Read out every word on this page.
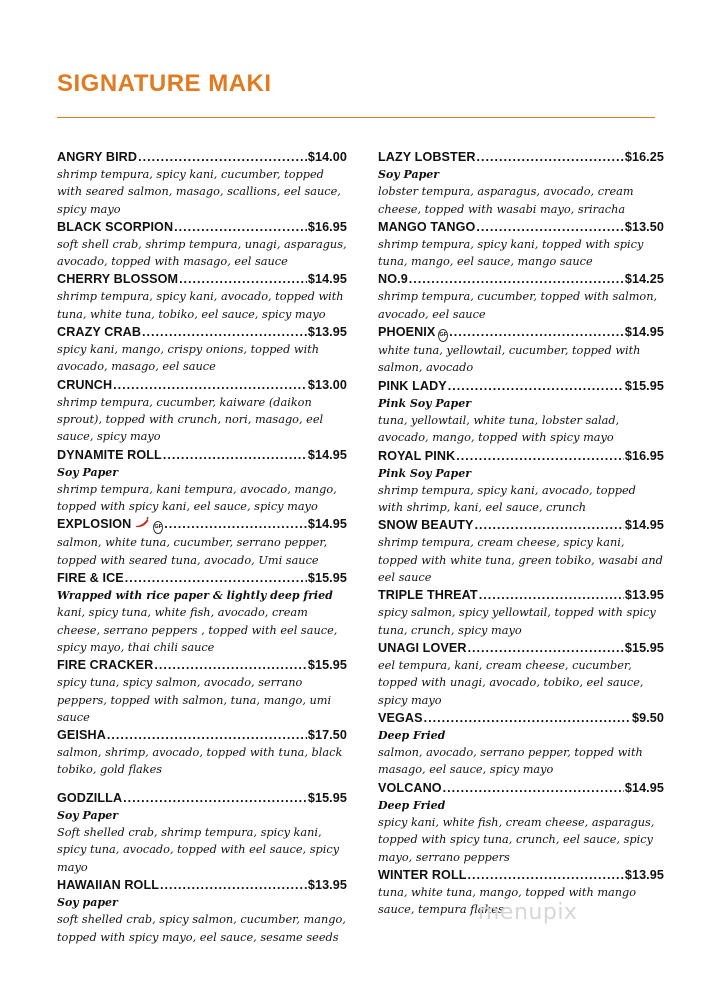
SIGNATURE MAKI
ANGRY BIRD .....	$14.00

shrimp tempura, spicy kani, cucumber, topped with seared salmon, masago, scallions, eel sauce, spicy mayo

BLACK SCORPION .....	$16.95

soft shell crab, shrimp tempura, unagi, asparagus, avocado, topped with masago, eel sauce

CHERRY BLOSSOM .....	$14.95

shrimp tempura, spicy kani, avocado, topped with tuna, white tuna, tobiko, eel sauce, spicy mayo

CRAZY CRAB .....	$13.95

spicy kani, mango, crispy onions, topped with avocado, masago, eel sauce

CRUNCH .....	$13.00

shrimp tempura, cucumber, kaiware (daikon sprout), topped with crunch, nori, masago, eel sauce, spicy mayo

DYNAMITE ROLL .....	$14.95

Soy Paper

shrimp tempura, kani tempura, avocado, mango, topped with spicy kani, eel sauce, spicy mayo

EXPLOSION	GF .....	$14.95

salmon, white tuna, cucumber, serrano pepper, topped with seared tuna, avocado, Umi sauce

FIRE & ICE .....	$15.95

Wrapped with rice paper & lightly deep fried

kani, spicy tuna, white fish, avocado, cream cheese, serrano peppers , topped with eel sauce, spicy mayo, thai chili sauce

FIRE CRACKER .....	$15.95

spicy tuna, spicy salmon, avocado, serrano peppers, topped with salmon, tuna, mango, umi sauce

GEISHA .....	$17.50

salmon, shrimp, avocado, topped with tuna, black tobiko, gold flakes

GODZILLA .....	$15.95

Soy Paper

Soft shelled crab, shrimp tempura, spicy kani, spicy tuna, avocado, topped with eel sauce, spicy mayo

HAWAIIAN ROLL .....	$13.95

Soy paper

soft shelled crab, spicy salmon, cucumber, mango, topped with spicy mayo, eel sauce, sesame seeds

LAZY LOBSTER .....	$16.25

Soy Paper

lobster tempura, asparagus, avocado, cream cheese, topped with wasabi mayo, sriracha

MANGO TANGO .....	$13.50

shrimp tempura, spicy kani, topped with spicy tuna, mango, eel sauce, mango sauce

NO.9 .....	$14.25

shrimp tempura, cucumber, topped with salmon, avocado, eel sauce

PHOENIX GF .....	$14.95

white tuna, yellowtail, cucumber, topped with salmon, avocado

PINK LADY .....	$15.95

Pink Soy Paper

tuna, yellowtail, white tuna, lobster salad, avocado, mango, topped with spicy mayo

ROYAL PINK .....	$16.95

Pink Soy Paper

shrimp tempura, spicy kani, avocado, topped with shrimp, kani, eel sauce, crunch

SNOW BEAUTY .....	$14.95

shrimp tempura, cream cheese, spicy kani, topped with white tuna, green tobiko, wasabi and eel sauce

TRIPLE THREAT .....	$13.95

spicy salmon, spicy yellowtail, topped with spicy tuna, crunch, spicy mayo

UNAGI LOVER .....	$15.95

eel tempura, kani, cream cheese, cucumber, topped with unagi, avocado, tobiko, eel sauce, spicy mayo

VEGAS .....	$9.50

Deep Fried

salmon, avocado, serrano pepper, topped with masago, eel sauce, spicy mayo

VOLCANO .....	$14.95

Deep Fried

spicy kani, white fish, cream cheese, asparagus, topped with spicy tuna, crunch, eel sauce, spicy mayo, serrano peppers

WINTER ROLL .....	$13.95

tuna, white tuna, mango, topped with mango sauce, tempura flakes

menupix
